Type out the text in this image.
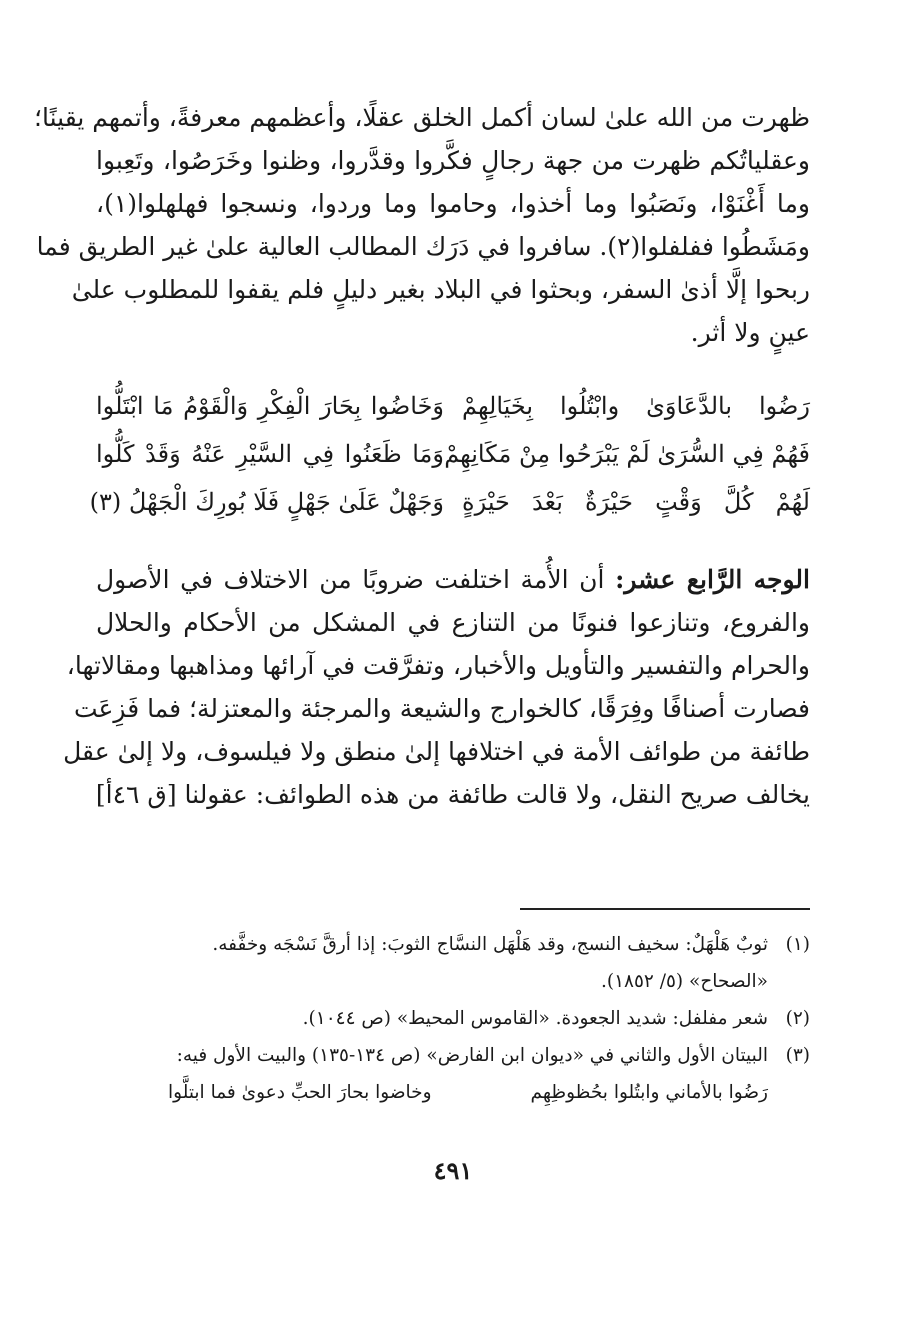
ظهرت من الله علىٰ لسان أكمل الخلق عقلًا، وأعظمهم معرفةً، وأتمهم يقينًا؛
وعقلياتُكم ظهرت من جهة رجالٍ فكَّروا وقدَّروا، وظنوا وخَرَصُوا، وتَعِبوا
وما أَغْنَوْا، ونَصَبُوا وما أخذوا، وحاموا وما وردوا، ونسجوا فهلهلوا(١)،
ومَشَطُوا ففلفلوا(٢). سافروا في دَرَك المطالب العالية علىٰ غير الطريق فما
ربحوا إلَّا أذىٰ السفر، وبحثوا في البلاد بغير دليلٍ فلم يقفوا للمطلوب علىٰ
عينٍ ولا أثر.
رَضُوا بالدَّعَاوَىٰ وابْتُلُوا بِخَيَالِهِمْ
وَخَاضُوا بِحَارَ الْفِكْرِ وَالْقَوْمُ مَا ابْتَلُّوا
فَهُمْ فِي السُّرَىٰ لَمْ يَبْرَحُوا مِنْ مَكَانِهِمْ
وَمَا ظَعَنُوا فِي السَّيْرِ عَنْهُ وَقَدْ كَلُّوا
لَهُمْ كُلَّ وَقْتٍ حَيْرَةٌ بَعْدَ حَيْرَةٍ
وَجَهْلٌ عَلَىٰ جَهْلٍ فَلَا بُورِكَ الْجَهْلُ (٣)
الوجه الرَّابع عشر: أن الأُمة اختلفت ضروبًا من الاختلاف في الأصول
والفروع، وتنازعوا فنونًا من التنازع في المشكل من الأحكام والحلال
والحرام والتفسير والتأويل والأخبار، وتفرَّقت في آرائها ومذاهبها ومقالاتها،
فصارت أصنافًا وفِرَقًا، كالخوارج والشيعة والمرجئة والمعتزلة؛ فما فَزِعَت
طائفة من طوائف الأمة في اختلافها إلىٰ منطق ولا فيلسوف، ولا إلىٰ عقل
يخالف صريح النقل، ولا قالت طائفة من هذه الطوائف: عقولنا [ق ٤٦أ]
(١)
ثوبٌ هَلْهَلٌ: سخيف النسج، وقد هَلْهَل النسَّاج الثوبَ: إذا أرقَّ نَسْجَه وخفَّفه.
«الصحاح» (٥/ ١٨٥٢).
(٢)
شعر مفلفل: شديد الجعودة. «القاموس المحيط» (ص ١٠٤٤).
(٣)
البيتان الأول والثاني في «ديوان ابن الفارض» (ص ١٣٤-١٣٥) والبيت الأول فيه:
رَضُوا بالأماني وابتُلوا بحُظوظِهِم
وخاضوا بحارَ الحبِّ دعوىٰ فما ابتلَّوا
٤٩١
